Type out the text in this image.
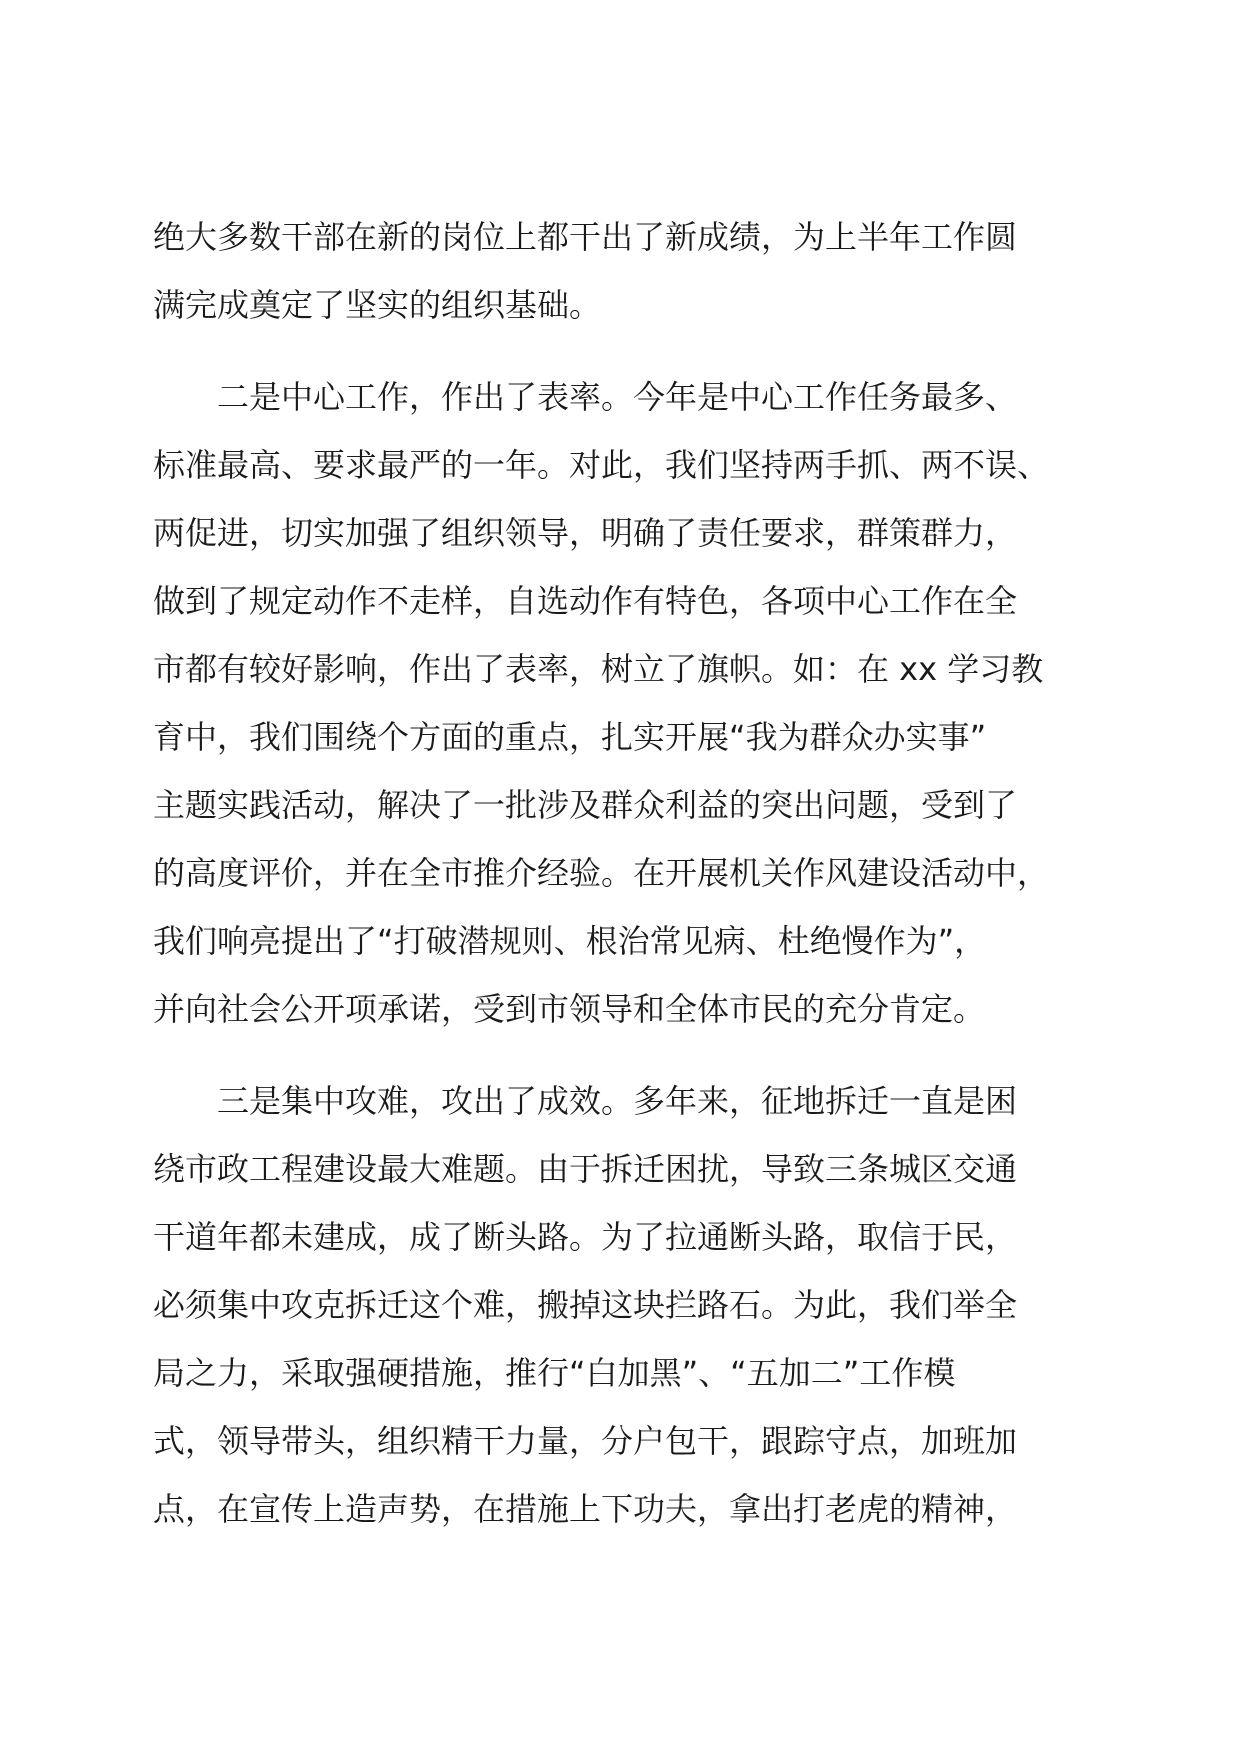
绝大多数干部在新的岗位上都干出了新成绩，为上半年工作圆
满完成奠定了坚实的组织基础。
二是中心工作，作出了表率。今年是中心工作任务最多、
标准最高、要求最严的一年。对此，我们坚持两手抓、两不误、
两促进，切实加强了组织领导，明确了责任要求，群策群力，
做到了规定动作不走样，自选动作有特色，各项中心工作在全
市都有较好影响，作出了表率，树立了旗帜。如：在 xx 学习教
育中，我们围绕个方面的重点，扎实开展“我为群众办实事”
主题实践活动，解决了一批涉及群众利益的突出问题，受到了
的高度评价，并在全市推介经验。在开展机关作风建设活动中，
我们响亮提出了“打破潜规则、根治常见病、杜绝慢作为”，
并向社会公开项承诺，受到市领导和全体市民的充分肯定。
三是集中攻难，攻出了成效。多年来，征地拆迁一直是困
绕市政工程建设最大难题。由于拆迁困扰，导致三条城区交通
干道年都未建成，成了断头路。为了拉通断头路，取信于民，
必须集中攻克拆迁这个难，搬掉这块拦路石。为此，我们举全
局之力，采取强硬措施，推行“白加黑”、“五加二”工作模
式，领导带头，组织精干力量，分户包干，跟踪守点，加班加
点，在宣传上造声势，在措施上下功夫，拿出打老虎的精神，
